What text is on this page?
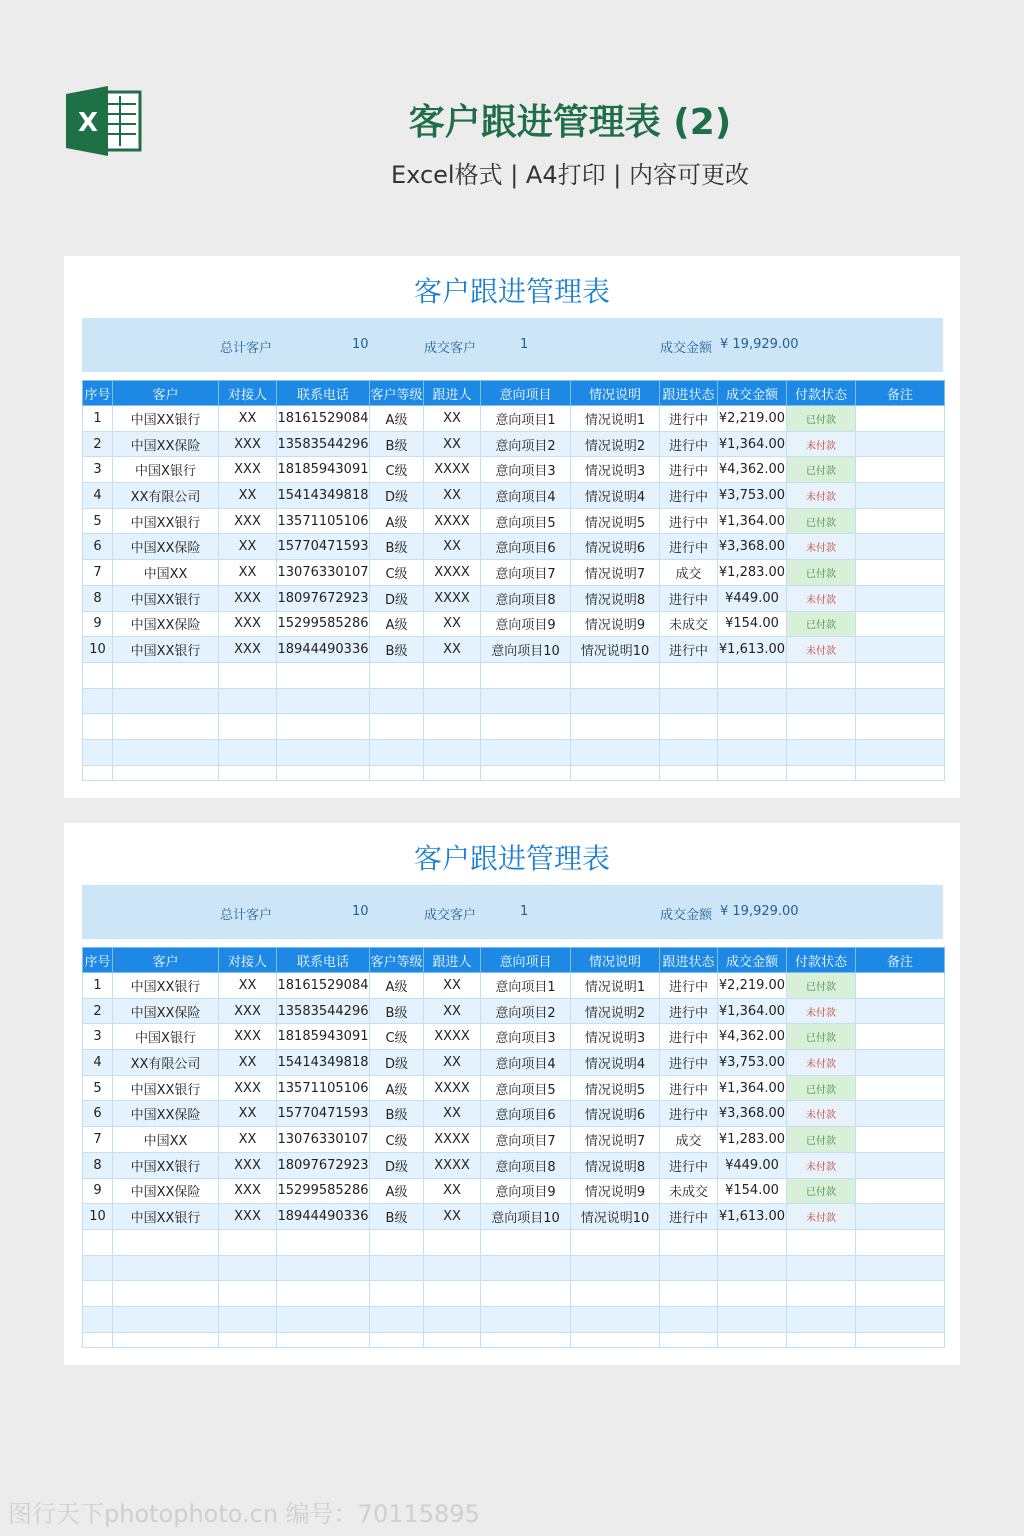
X	客户跟进管理表 (2)
Excel格式 | A4打印 | 内容可更改
客户跟进管理表
总计客户	10	成交客户	1	成交金额 ¥ 19,929.00
序号	客户	对接人	联系电话	客户等级	跟进人	意向项目	情况说明	跟进状态	成交金额	付款状态	备注
1	中国XX银行	XX	18161529084	A级	XX	意向项目1	情况说明1	进行中	¥2,219.00	已付款	
2	中国XX保险	XXX	13583544296	B级	XX	意向项目2	情况说明2	进行中	¥1,364.00	未付款	
3	中国X银行	XXX	18185943091	C级	XXXX	意向项目3	情况说明3	进行中	¥4,362.00	已付款	
4	XX有限公司	XX	15414349818	D级	XX	意向项目4	情况说明4	进行中	¥3,753.00	未付款	
5	中国XX银行	XXX	13571105106	A级	XXXX	意向项目5	情况说明5	进行中	¥1,364.00	已付款	
6	中国XX保险	XX	15770471593	B级	XX	意向项目6	情况说明6	进行中	¥3,368.00	未付款	
7	中国XX	XX	13076330107	C级	XXXX	意向项目7	情况说明7	成交	¥1,283.00	已付款	
8	中国XX银行	XXX	18097672923	D级	XXXX	意向项目8	情况说明8	进行中	¥449.00	未付款	
9	中国XX保险	XXX	15299585286	A级	XX	意向项目9	情况说明9	未成交	¥154.00	已付款	
10	中国XX银行	XXX	18944490336	B级	XX	意向项目10	情况说明10	进行中	¥1,613.00	未付款	

客户跟进管理表
总计客户	10	成交客户	1	成交金额 ¥ 19,929.00
序号	客户	对接人	联系电话	客户等级	跟进人	意向项目	情况说明	跟进状态	成交金额	付款状态	备注
1	中国XX银行	XX	18161529084	A级	XX	意向项目1	情况说明1	进行中	¥2,219.00	已付款	
2	中国XX保险	XXX	13583544296	B级	XX	意向项目2	情况说明2	进行中	¥1,364.00	未付款	
3	中国X银行	XXX	18185943091	C级	XXXX	意向项目3	情况说明3	进行中	¥4,362.00	已付款	
4	XX有限公司	XX	15414349818	D级	XX	意向项目4	情况说明4	进行中	¥3,753.00	未付款	
5	中国XX银行	XXX	13571105106	A级	XXXX	意向项目5	情况说明5	进行中	¥1,364.00	已付款	
6	中国XX保险	XX	15770471593	B级	XX	意向项目6	情况说明6	进行中	¥3,368.00	未付款	
7	中国XX	XX	13076330107	C级	XXXX	意向项目7	情况说明7	成交	¥1,283.00	已付款	
8	中国XX银行	XXX	18097672923	D级	XXXX	意向项目8	情况说明8	进行中	¥449.00	未付款	
9	中国XX保险	XXX	15299585286	A级	XX	意向项目9	情况说明9	未成交	¥154.00	已付款	
10	中国XX银行	XXX	18944490336	B级	XX	意向项目10	情况说明10	进行中	¥1,613.00	未付款	

图行天下photophoto.cn 编号：70115895
